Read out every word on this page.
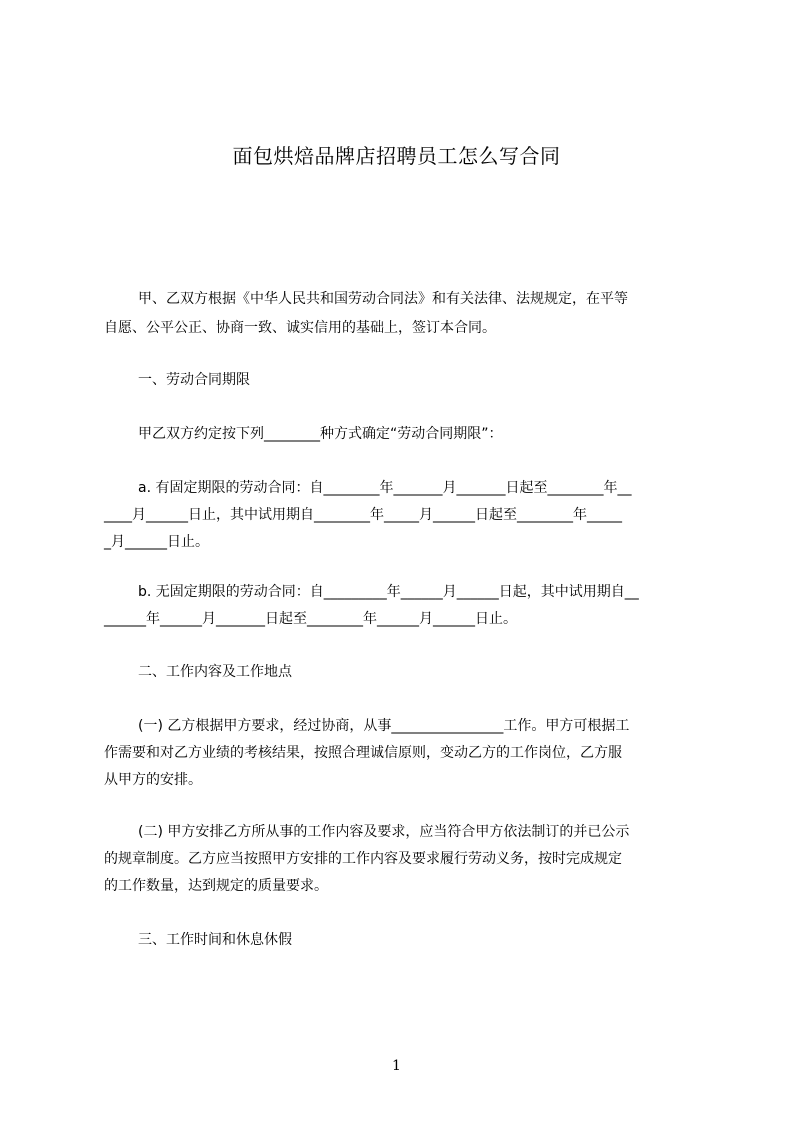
面包烘焙品牌店招聘员工怎么写合同
甲、乙双方根据《中华人民共和国劳动合同法》和有关法律、法规规定，在平等
自愿、公平公正、协商一致、诚实信用的基础上，签订本合同。
一、劳动合同期限
甲乙双方约定按下列________种方式确定“劳动合同期限”：
a. 有固定期限的劳动合同：自________年_______月_______日起至________年__
____月______日止，其中试用期自________年_____月______日起至________年_____
_月______日止。
b. 无固定期限的劳动合同：自_________年______月______日起，其中试用期自__
______年______月_______日起至________年______月______日止。
二、工作内容及工作地点
(一) 乙方根据甲方要求，经过协商，从事________________工作。甲方可根据工
作需要和对乙方业绩的考核结果，按照合理诚信原则，变动乙方的工作岗位，乙方服
从甲方的安排。
(二) 甲方安排乙方所从事的工作内容及要求，应当符合甲方依法制订的并已公示
的规章制度。乙方应当按照甲方安排的工作内容及要求履行劳动义务，按时完成规定
的工作数量，达到规定的质量要求。
三、工作时间和休息休假
1
